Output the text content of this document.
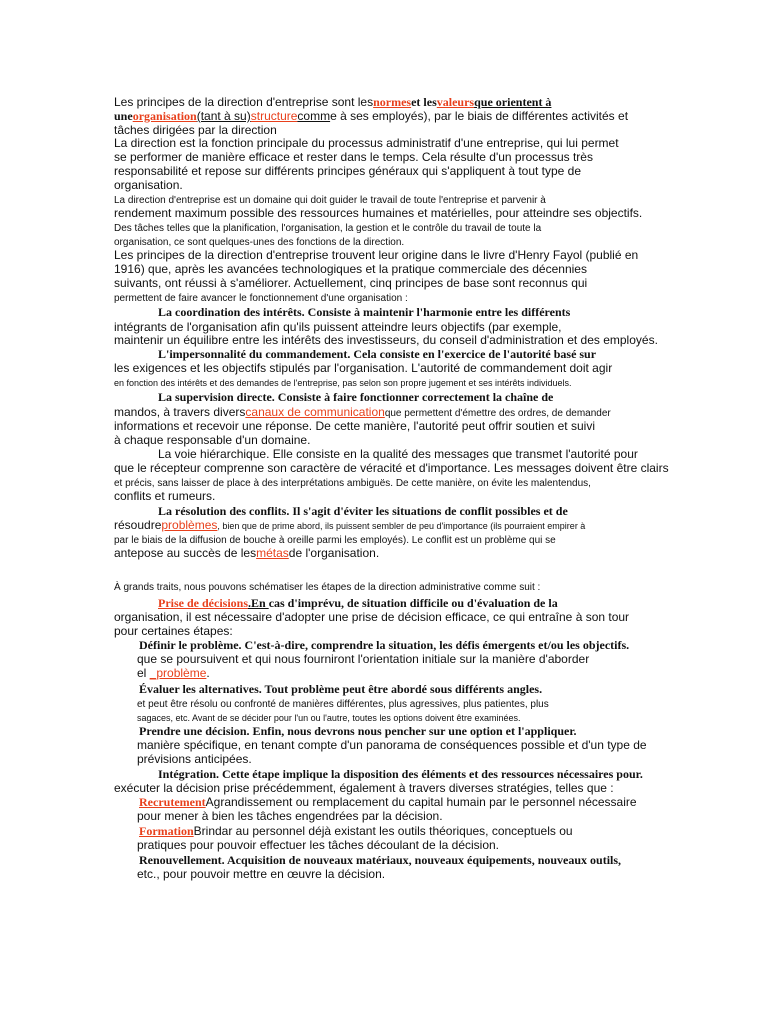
Les principes de la direction d'entreprise sont lesnormeset lesvaleursque orientent à
uneorganisation(tant à su)structurecomme à ses employés), par le biais de différentes activités et
tâches dirigées par la direction
La direction est la fonction principale du processus administratif d'une entreprise, qui lui permet
se performer de manière efficace et rester dans le temps. Cela résulte d'un processus très
responsabilité et repose sur différents principes généraux qui s'appliquent à tout type de
organisation.
La direction d'entreprise est un domaine qui doit guider le travail de toute l'entreprise et parvenir à
rendement maximum possible des ressources humaines et matérielles, pour atteindre ses objectifs.
Des tâches telles que la planification, l'organisation, la gestion et le contrôle du travail de toute la
organisation, ce sont quelques-unes des fonctions de la direction.
Les principes de la direction d'entreprise trouvent leur origine dans le livre d'Henry Fayol (publié en
1916) que, après les avancées technologiques et la pratique commerciale des décennies
suivants, ont réussi à s'améliorer. Actuellement, cinq principes de base sont reconnus qui
permettent de faire avancer le fonctionnement d'une organisation :
La coordination des intérêts. Consiste à maintenir l'harmonie entre les différents
intégrants de l'organisation afin qu'ils puissent atteindre leurs objectifs (par exemple,
maintenir un équilibre entre les intérêts des investisseurs, du conseil d'administration et des employés.
L'impersonnalité du commandement. Cela consiste en l'exercice de l'autorité basé sur
les exigences et les objectifs stipulés par l'organisation. L'autorité de commandement doit agir
en fonction des intérêts et des demandes de l'entreprise, pas selon son propre jugement et ses intérêts individuels.
La supervision directe. Consiste à faire fonctionner correctement la chaîne de
mandos, à travers diverscanaux de communicationque permettent d'émettre des ordres, de demander
informations et recevoir une réponse. De cette manière, l'autorité peut offrir soutien et suivi
à chaque responsable d'un domaine.
La voie hiérarchique. Elle consiste en la qualité des messages que transmet l'autorité pour
que le récepteur comprenne son caractère de véracité et d'importance. Les messages doivent être clairs
et précis, sans laisser de place à des interprétations ambiguës. De cette manière, on évite les malentendus,
conflits et rumeurs.
La résolution des conflits. Il s'agit d'éviter les situations de conflit possibles et de
résoudreproblèmes, bien que de prime abord, ils puissent sembler de peu d'importance (ils pourraient empirer à
par le biais de la diffusion de bouche à oreille parmi les employés). Le conflit est un problème qui se
antepose au succès de lesmétasde l'organisation.
À grands traits, nous pouvons schématiser les étapes de la direction administrative comme suit :
Prise de décisions.En cas d'imprévu, de situation difficile ou d'évaluation de la
organisation, il est nécessaire d'adopter une prise de décision efficace, ce qui entraîne à son tour
pour certaines étapes:
Définir le problème. C'est-à-dire, comprendre la situation, les défis émergents et/ou les objectifs.
que se poursuivent et qui nous fourniront l'orientation initiale sur la manière d'aborder
el _problème.
Évaluer les alternatives. Tout problème peut être abordé sous différents angles.
et peut être résolu ou confronté de manières différentes, plus agressives, plus patientes, plus
sagaces, etc. Avant de se décider pour l'un ou l'autre, toutes les options doivent être examinées.
Prendre une décision. Enfin, nous devrons nous pencher sur une option et l'appliquer.
manière spécifique, en tenant compte d'un panorama de conséquences possible et d'un type de
prévisions anticipées.
Intégration. Cette étape implique la disposition des éléments et des ressources nécessaires pour.
exécuter la décision prise précédemment, également à travers diverses stratégies, telles que :
RecrutementAgrandissement ou remplacement du capital humain par le personnel nécessaire
pour mener à bien les tâches engendrées par la décision.
FormationBrindar au personnel déjà existant les outils théoriques, conceptuels ou
pratiques pour pouvoir effectuer les tâches découlant de la décision.
Renouvellement. Acquisition de nouveaux matériaux, nouveaux équipements, nouveaux outils,
etc., pour pouvoir mettre en œuvre la décision.
